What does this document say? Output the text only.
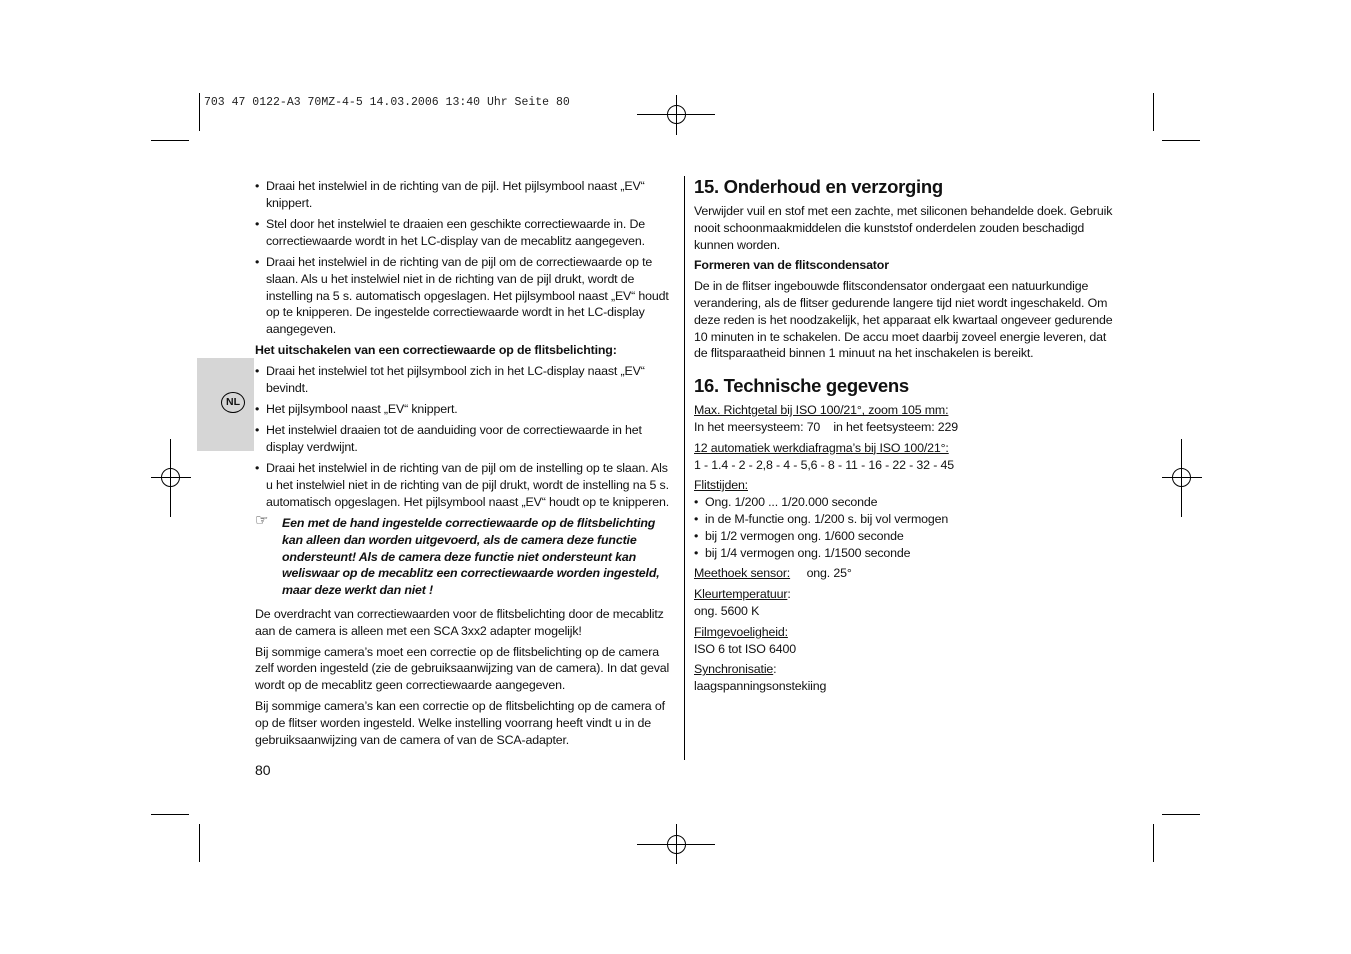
703 47 0122-A3 70MZ-4-5 14.03.2006 13:40 Uhr Seite 80
NL
• Draai het instelwiel in de richting van de pijl. Het pijlsymbool naast „EV“ knippert.
• Stel door het instelwiel te draaien een geschikte correctiewaarde in. De correctiewaarde wordt in het LC-display van de mecablitz aangegeven.
• Draai het instelwiel in de richting van de pijl om de correctiewaarde op te slaan. Als u het instelwiel niet in de richting van de pijl drukt, wordt de instelling na 5 s. automatisch opgeslagen. Het pijlsymbool naast „EV“ houdt op te knipperen. De ingestelde correctiewaarde wordt in het LC-display aangegeven.
Het uitschakelen van een correctiewaarde op de flitsbelichting:
• Draai het instelwiel tot het pijlsymbool zich in het LC-display naast „EV“ bevindt.
• Het pijlsymbool naast „EV“ knippert.
• Het instelwiel draaien tot de aanduiding voor de correctiewaarde in het display verdwijnt.
• Draai het instelwiel in de richting van de pijl om de instelling op te slaan. Als u het instelwiel niet in de richting van de pijl drukt, wordt de instelling na 5 s. automatisch opgeslagen. Het pijlsymbool naast „EV“ houdt op te knipperen.
☞ Een met de hand ingestelde correctiewaarde op de flitsbelichting kan alleen dan worden uitgevoerd, als de camera deze functie ondersteunt! Als de camera deze functie niet ondersteunt kan weliswaar op de mecablitz een correctiewaarde worden ingesteld, maar deze werkt dan niet !
De overdracht van correctiewaarden voor de flitsbelichting door de mecablitz aan de camera is alleen met een SCA 3xx2 adapter mogelijk!
Bij sommige camera’s moet een correctie op de flitsbelichting op de camera zelf worden ingesteld (zie de gebruiksaanwijzing van de camera). In dat geval wordt op de mecablitz geen correctiewaarde aangegeven.
Bij sommige camera’s kan een correctie op de flitsbelichting op de camera of op de flitser worden ingesteld. Welke instelling voorrang heeft vindt u in de gebruiksaanwijzing van de camera of van de SCA-adapter.
80
15. Onderhoud en verzorging
Verwijder vuil en stof met een zachte, met siliconen behandelde doek. Gebruik nooit schoonmaakmiddelen die kunststof onderdelen zouden beschadigd kunnen worden.
Formeren van de flitscondensator
De in de flitser ingebouwde flitscondensator ondergaat een natuurkundige verandering, als de flitser gedurende langere tijd niet wordt ingeschakeld. Om deze reden is het noodzakelijk, het apparaat elk kwartaal ongeveer gedurende 10 minuten in te schakelen. De accu moet daarbij zoveel energie leveren, dat de flitsparaatheid binnen 1 minuut na het inschakelen is bereikt.
16. Technische gegevens
Max. Richtgetal bij ISO 100/21°, zoom 105 mm:
In het meersysteem: 70 in het feetsysteem: 229
12 automatiek werkdiafragma’s bij ISO 100/21°:
1 - 1.4 - 2 - 2,8 - 4 - 5,6 - 8 - 11 - 16 - 22 - 32 - 45
Flitstijden:
• Ong. 1/200 ... 1/20.000 seconde
• in de M-functie ong. 1/200 s. bij vol vermogen
• bij 1/2 vermogen ong. 1/600 seconde
• bij 1/4 vermogen ong. 1/1500 seconde
Meethoek sensor: ong. 25°
Kleurtemperatuur:
ong. 5600 K
Filmgevoeligheid:
ISO 6 tot ISO 6400
Synchronisatie:
laagspanningsonstekiing
